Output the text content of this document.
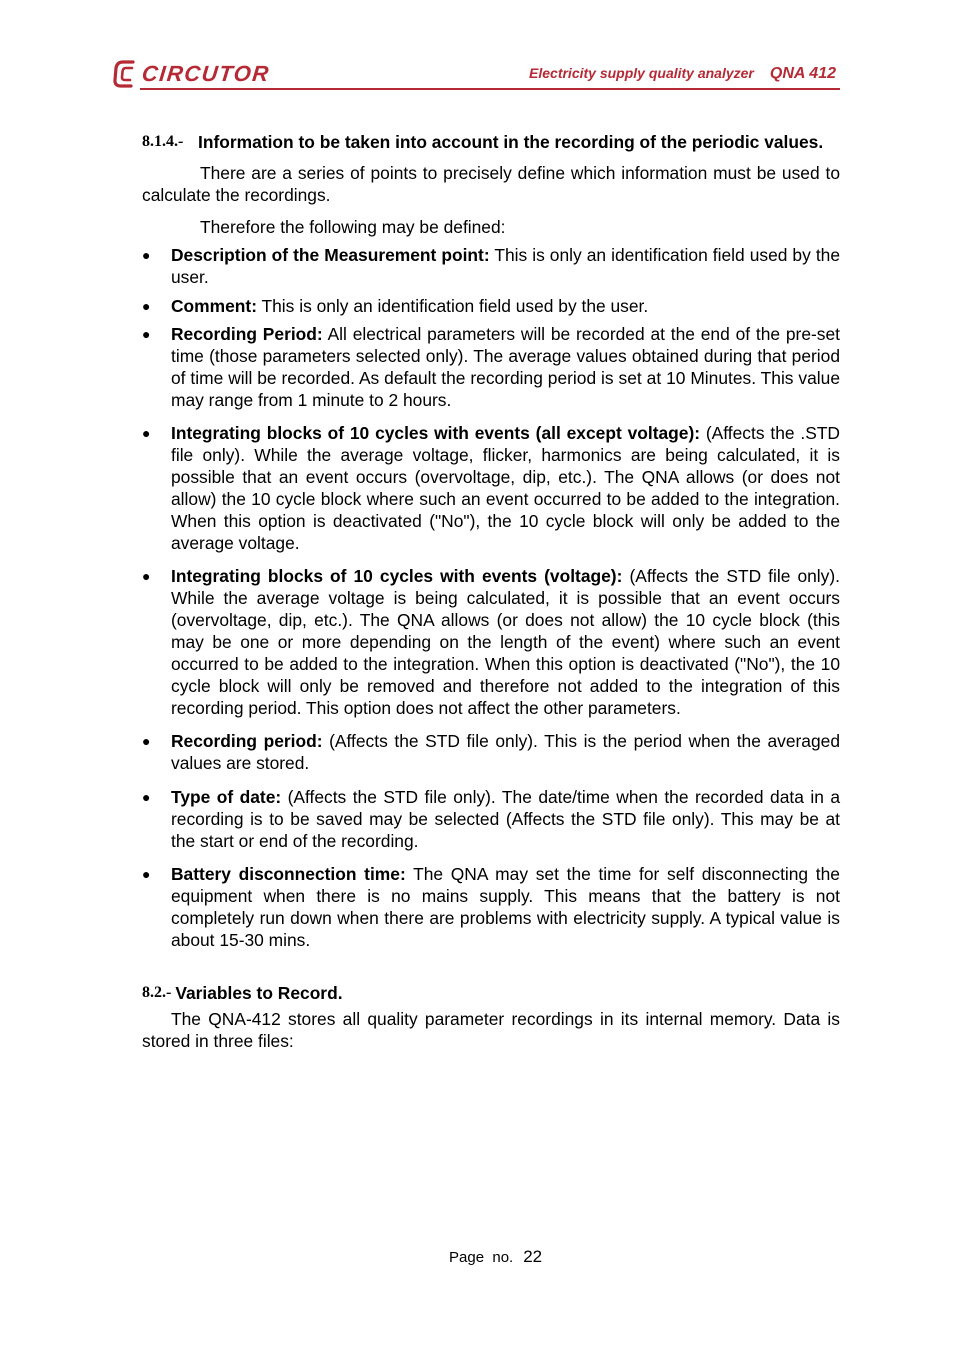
CIRCUTOR	Electricity supply quality analyzer QNA 412
8.1.4.- Information to be taken into account in the recording of the periodic values.

There are a series of points to precisely define which information must be used to calculate the recordings.

Therefore the following may be defined:

● Description of the Measurement point: This is only an identification field used by the user.
● Comment: This is only an identification field used by the user.
● Recording Period: All electrical parameters will be recorded at the end of the pre-set time (those parameters selected only). The average values obtained during that period of time will be recorded. As default the recording period is set at 10 Minutes. This value may range from 1 minute to 2 hours.
● Integrating blocks of 10 cycles with events (all except voltage): (Affects the .STD file only). While the average voltage, flicker, harmonics are being calculated, it is possible that an event occurs (overvoltage, dip, etc.). The QNA allows (or does not allow) the 10 cycle block where such an event occurred to be added to the integration. When this option is deactivated ("No"), the 10 cycle block will only be added to the average voltage.
● Integrating blocks of 10 cycles with events (voltage): (Affects the STD file only). While the average voltage is being calculated, it is possible that an event occurs (overvoltage, dip, etc.). The QNA allows (or does not allow) the 10 cycle block (this may be one or more depending on the length of the event) where such an event occurred to be added to the integration. When this option is deactivated ("No"), the 10 cycle block will only be removed and therefore not added to the integration of this recording period. This option does not affect the other parameters.
● Recording period: (Affects the STD file only). This is the period when the averaged values are stored.
● Type of date: (Affects the STD file only). The date/time when the recorded data in a recording is to be saved may be selected (Affects the STD file only). This may be at the start or end of the recording.
● Battery disconnection time: The QNA may set the time for self disconnecting the equipment when there is no mains supply. This means that the battery is not completely run down when there are problems with electricity supply. A typical value is about 15-30 mins.
8.2.- Variables to Record.

The QNA-412 stores all quality parameter recordings in its internal memory. Data is stored in three files:

Page  no. 22
